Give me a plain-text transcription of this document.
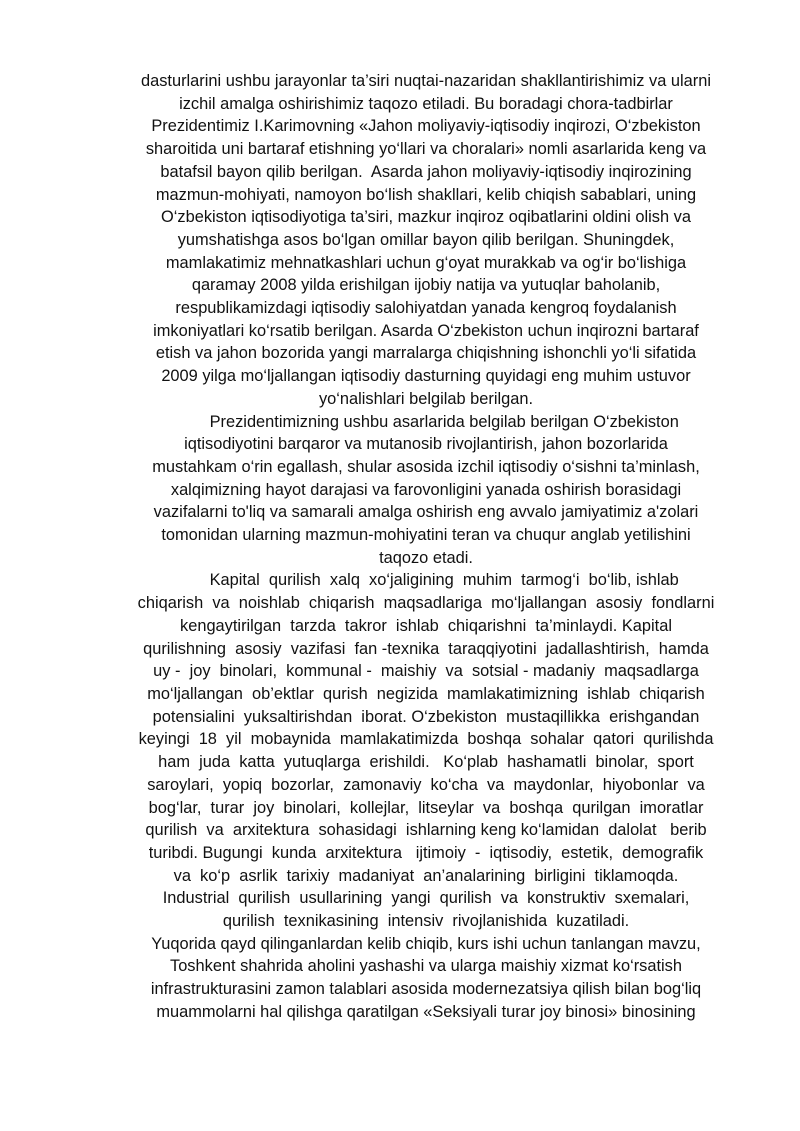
dasturlarini ushbu jarayonlar ta’siri nuqtai-nazaridan shakllantirishimiz va ularni
izchil amalga oshirishimiz taqozo etiladi. Bu boradagi chora-tadbirlar
Prezidentimiz I.Karimovning «Jahon moliyaviy-iqtisodiy inqirozi, O‘zbekiston
sharoitida uni bartaraf etishning yo‘llari va choralari» nomli asarlarida keng va
batafsil bayon qilib berilgan.  Asarda jahon moliyaviy-iqtisodiy inqirozining
mazmun-mohiyati, namoyon bo‘lish shakllari, kelib chiqish sabablari, uning
O‘zbekiston iqtisodiyotiga ta’siri, mazkur inqiroz oqibatlarini oldini olish va
yumshatishga asos bo‘lgan omillar bayon qilib berilgan. Shuningdek,
mamlakatimiz mehnatkashlari uchun g‘oyat murakkab va og‘ir bo‘lishiga
qaramay 2008 yilda erishilgan ijobiy natija va yutuqlar baholanib,
respublikamizdagi iqtisodiy salohiyatdan yanada kengroq foydalanish
imkoniyatlari ko‘rsatib berilgan. Asarda O‘zbekiston uchun inqirozni bartaraf
etish va jahon bozorida yangi marralarga chiqishning ishonchli yo‘li sifatida
2009 yilga mo‘ljallangan iqtisodiy dasturning quyidagi eng muhim ustuvor
yo‘nalishlari belgilab berilgan.
Prezidentimizning ushbu asarlarida belgilab berilgan O‘zbekiston
iqtisodiyotini barqaror va mutanosib rivojlantirish, jahon bozorlarida
mustahkam o‘rin egallash, shular asosida izchil iqtisodiy o‘sishni ta’minlash,
xalqimizning hayot darajasi va farovonligini yanada oshirish borasidagi
vazifalarni to'liq va samarali amalga oshirish eng avvalo jamiyatimiz a'zolari
tomonidan ularning mazmun-mohiyatini teran va chuqur anglab yetilishini
taqozo etadi.
Kapital  qurilish  xalq  xo‘jaligining  muhim  tarmog‘i  bo‘lib, ishlab
chiqarish  va  noishlab  chiqarish  maqsadlariga  mo‘ljallangan  asosiy  fondlarni
kengaytirilgan  tarzda  takror  ishlab  chiqarishni  ta’minlaydi. Kapital
qurilishning  asosiy  vazifasi  fan -texnika  taraqqiyotini  jadallashtirish,  hamda
uy -  joy  binolari,  kommunal -  maishiy  va  sotsial - madaniy  maqsadlarga
mo‘ljallangan  ob’ektlar  qurish  negizida  mamlakatimizning  ishlab  chiqarish
potensialini  yuksaltirishdan  iborat. O‘zbekiston  mustaqillikka  erishgandan
keyingi  18  yil  mobaynida  mamlakatimizda  boshqa  sohalar  qatori  qurilishda
ham  juda  katta  yutuqlarga  erishildi.   Ko‘plab  hashamatli  binolar,  sport
saroylari,  yopiq  bozorlar,  zamonaviy  ko‘cha  va  maydonlar,  hiyobonlar  va
bog‘lar,  turar  joy  binolari,  kollejlar,  litseylar  va  boshqa  qurilgan  imoratlar
qurilish  va  arxitektura  sohasidagi  ishlarning keng ko‘lamidan  dalolat   berib
turibdi. Bugungi  kunda  arxitektura   ijtimoiy  -  iqtisodiy,  estetik,  demografik
va  ko‘p  asrlik  tarixiy  madaniyat  an’analarining  birligini  tiklamoqda.
Industrial  qurilish  usullarining  yangi  qurilish  va  konstruktiv  sxemalari,
qurilish  texnikasining  intensiv  rivojlanishida  kuzatiladi.
Yuqorida qayd qilinganlardan kelib chiqib, kurs ishi uchun tanlangan mavzu,
Toshkent shahrida aholini yashashi va ularga maishiy xizmat ko‘rsatish
infrastrukturasini zamon talablari asosida modernezatsiya qilish bilan bog‘liq
muammolarni hal qilishga qaratilgan «Seksiyali turar joy binosi» binosining
